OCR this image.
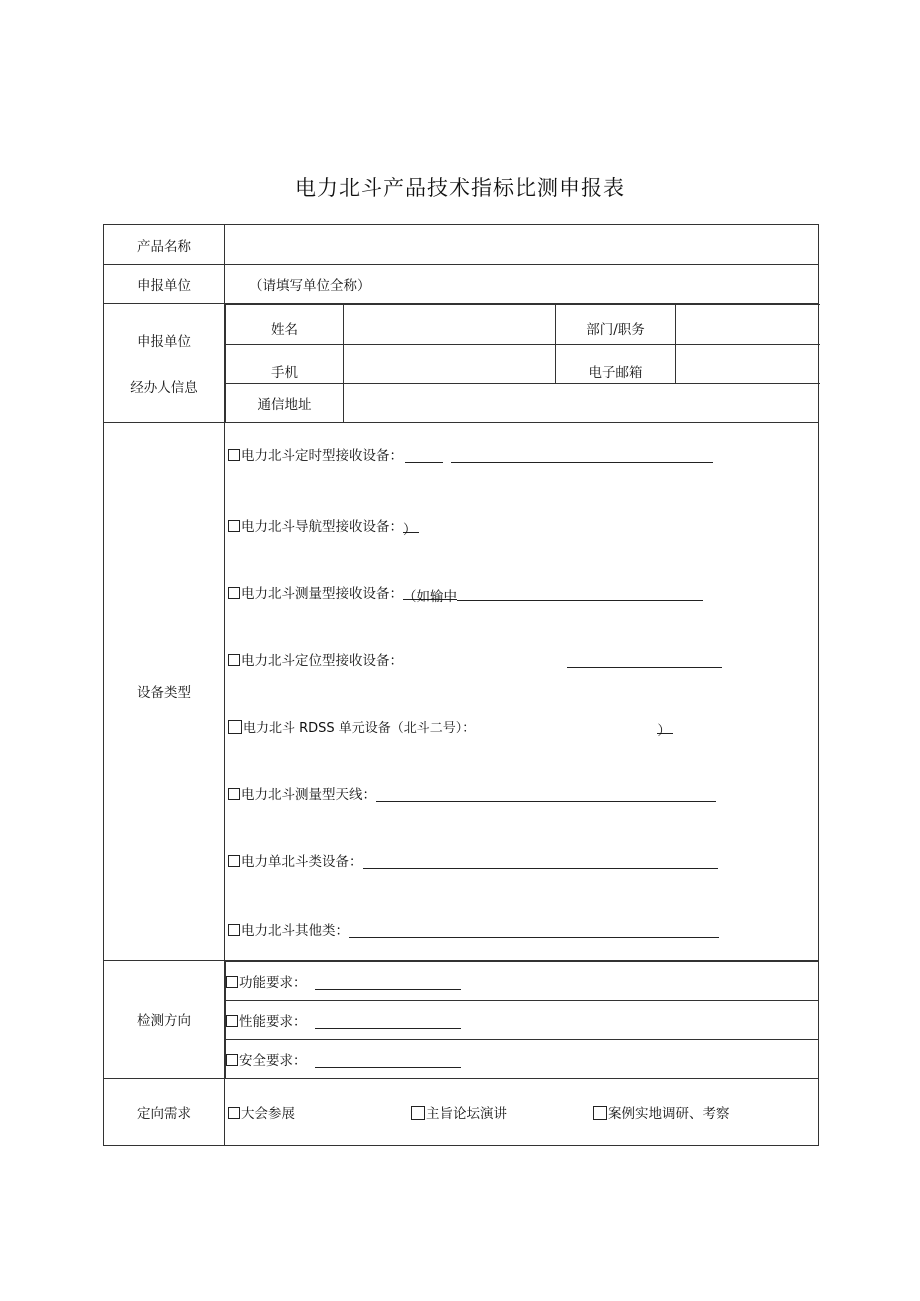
电力北斗产品技术指标比测申报表
产品名称	
申报单位	（请填写单位全称）

申报单位
经办人信息

姓名		部门/职务	
手机		电子邮箱	
通信地址	

设备类型	
电力北斗定时型接收设备：
电力北斗导航型接收设备：）
电力北斗测量型接收设备：（如输中
电力北斗定位型接收设备：
电力北斗 RDSS 单元设备（北斗二号）：	）
电力北斗测量型天线：
电力单北斗类设备：
电力北斗其他类：

检测方向	
功能要求：
性能要求：
安全要求：

定向需求	大会参展	主旨论坛演讲	案例实地调研、考察
